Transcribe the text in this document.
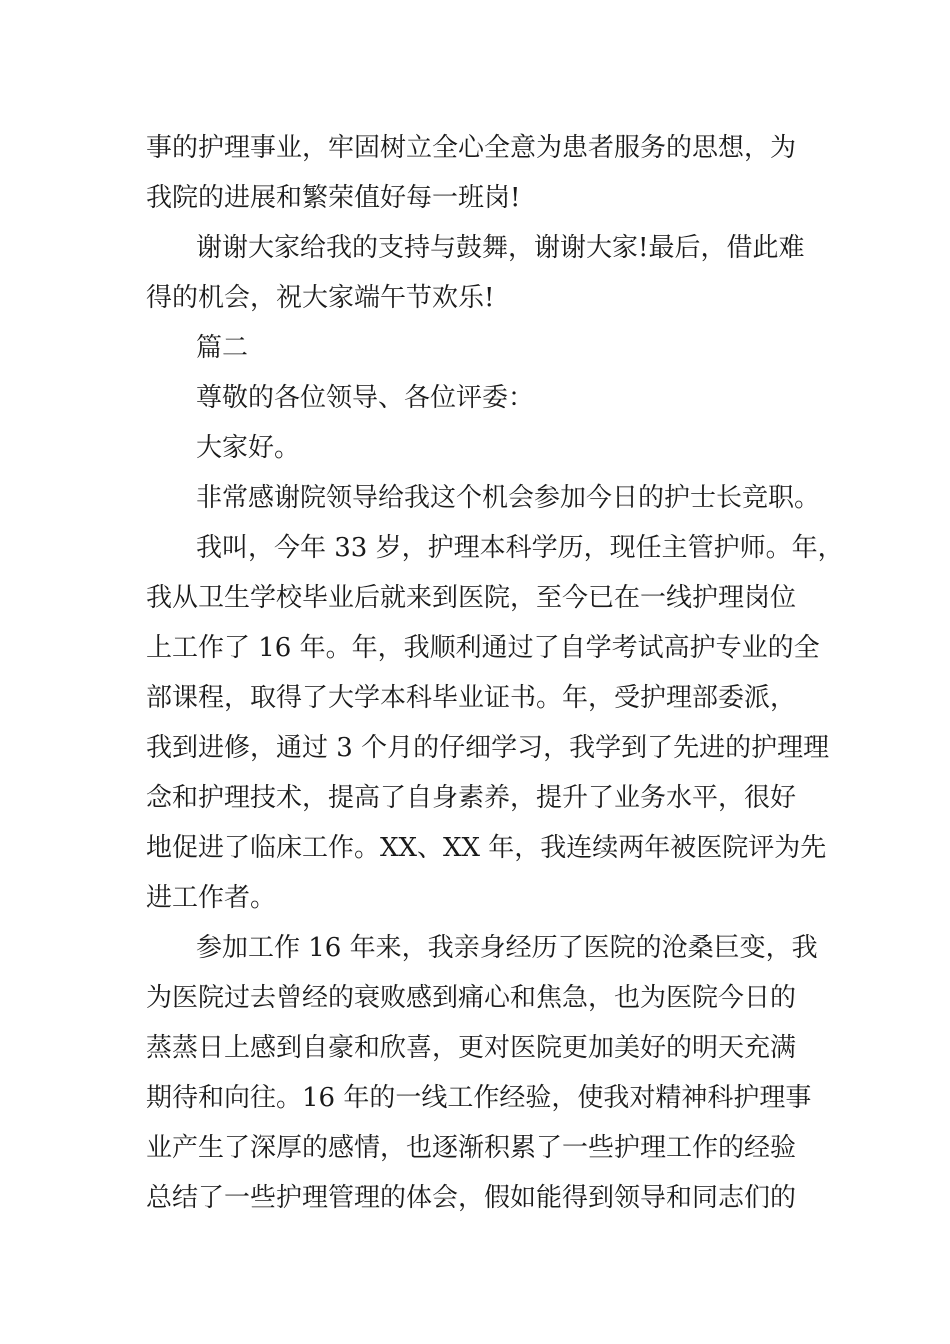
事的护理事业，牢固树立全心全意为患者服务的思想，为
我院的进展和繁荣值好每一班岗!
谢谢大家给我的支持与鼓舞，谢谢大家!最后，借此难
得的机会，祝大家端午节欢乐!
篇二
尊敬的各位领导、各位评委：
大家好。
非常感谢院领导给我这个机会参加今日的护士长竞职。
我叫，今年 33 岁，护理本科学历，现任主管护师。年，
我从卫生学校毕业后就来到医院，至今已在一线护理岗位
上工作了 16 年。年，我顺利通过了自学考试高护专业的全
部课程，取得了大学本科毕业证书。年，受护理部委派，
我到进修，通过 3 个月的仔细学习，我学到了先进的护理理
念和护理技术，提高了自身素养，提升了业务水平，很好
地促进了临床工作。XX、XX 年，我连续两年被医院评为先
进工作者。
参加工作 16 年来，我亲身经历了医院的沧桑巨变，我
为医院过去曾经的衰败感到痛心和焦急，也为医院今日的
蒸蒸日上感到自豪和欣喜，更对医院更加美好的明天充满
期待和向往。16 年的一线工作经验，使我对精神科护理事
业产生了深厚的感情，也逐渐积累了一些护理工作的经验
总结了一些护理管理的体会，假如能得到领导和同志们的
